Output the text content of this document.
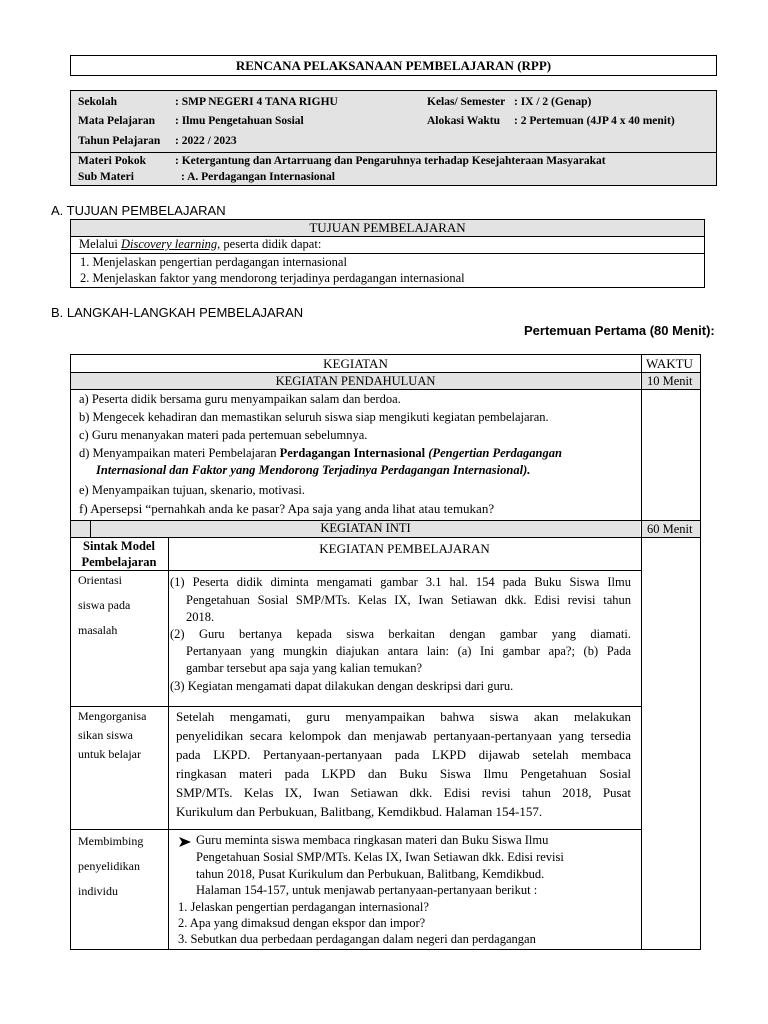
RENCANA PELAKSANAAN PEMBELAJARAN (RPP)
Sekolah	: SMP NEGERI 4 TANA RIGHU	Kelas/ Semester : IX / 2 (Genap)
Mata Pelajaran : Ilmu Pengetahuan Sosial	Alokasi Waktu : 2 Pertemuan (4JP 4 x 40 menit)
Tahun Pelajaran : 2022 / 2023
Materi Pokok	: Ketergantung dan Artarruang dan Pengaruhnya terhadap Kesejahteraan Masyarakat
Sub Materi	: A. Perdagangan Internasional
A. TUJUAN PEMBELAJARAN
TUJUAN PEMBELAJARAN
Melalui Discovery learning, peserta didik dapat:
1. Menjelaskan pengertian perdagangan internasional
2. Menjelaskan faktor yang mendorong terjadinya perdagangan internasional
B. LANGKAH-LANGKAH PEMBELAJARAN
Pertemuan Pertama (80 Menit):
KEGIATAN	WAKTU
KEGIATAN PENDAHULUAN	10 Menit
a) Peserta didik bersama guru menyampaikan salam dan berdoa.
b) Mengecek kehadiran dan memastikan seluruh siswa siap mengikuti kegiatan pembelajaran.
c) Guru menanyakan materi pada pertemuan sebelumnya.
d) Menyampaikan materi Pembelajaran Perdagangan Internasional (Pengertian Perdagangan
Internasional dan Faktor yang Mendorong Terjadinya Perdagangan Internasional).
e) Menyampaikan tujuan, skenario, motivasi.
f) Apersepsi “pernahkah anda ke pasar? Apa saja yang anda lihat atau temukan?
KEGIATAN INTI	60 Menit
Sintak Model
Pembelajaran
KEGIATAN PEMBELAJARAN
Orientasi
siswa pada
masalah
(1) Peserta didik diminta mengamati gambar 3.1 hal. 154 pada Buku Siswa Ilmu
Pengetahuan Sosial SMP/MTs. Kelas IX, Iwan Setiawan dkk. Edisi revisi tahun
2018.
(2) Guru bertanya kepada siswa berkaitan dengan gambar yang diamati.
Pertanyaan yang mungkin diajukan antara lain: (a) Ini gambar apa?; (b) Pada
gambar tersebut apa saja yang kalian temukan?
(3) Kegiatan mengamati dapat dilakukan dengan deskripsi dari guru.
Mengorganisa
sikan siswa
untuk belajar
Setelah mengamati, guru menyampaikan bahwa siswa akan melakukan
penyelidikan secara kelompok dan menjawab pertanyaan-pertanyaan yang tersedia
pada LKPD. Pertanyaan-pertanyaan pada LKPD dijawab setelah membaca
ringkasan materi pada LKPD dan Buku Siswa Ilmu Pengetahuan Sosial
SMP/MTs. Kelas IX, Iwan Setiawan dkk. Edisi revisi tahun 2018, Pusat
Kurikulum dan Perbukuan, Balitbang, Kemdikbud. Halaman 154-157.
Membimbing
penyelidikan
individu
Guru meminta siswa membaca ringkasan materi dan Buku Siswa Ilmu
Pengetahuan Sosial SMP/MTs. Kelas IX, Iwan Setiawan dkk. Edisi revisi
tahun 2018, Pusat Kurikulum dan Perbukuan, Balitbang, Kemdikbud.
Halaman 154-157, untuk menjawab pertanyaan-pertanyaan berikut :
1. Jelaskan pengertian perdagangan internasional?
2. Apa yang dimaksud dengan ekspor dan impor?
3. Sebutkan dua perbedaan perdagangan dalam negeri dan perdagangan
